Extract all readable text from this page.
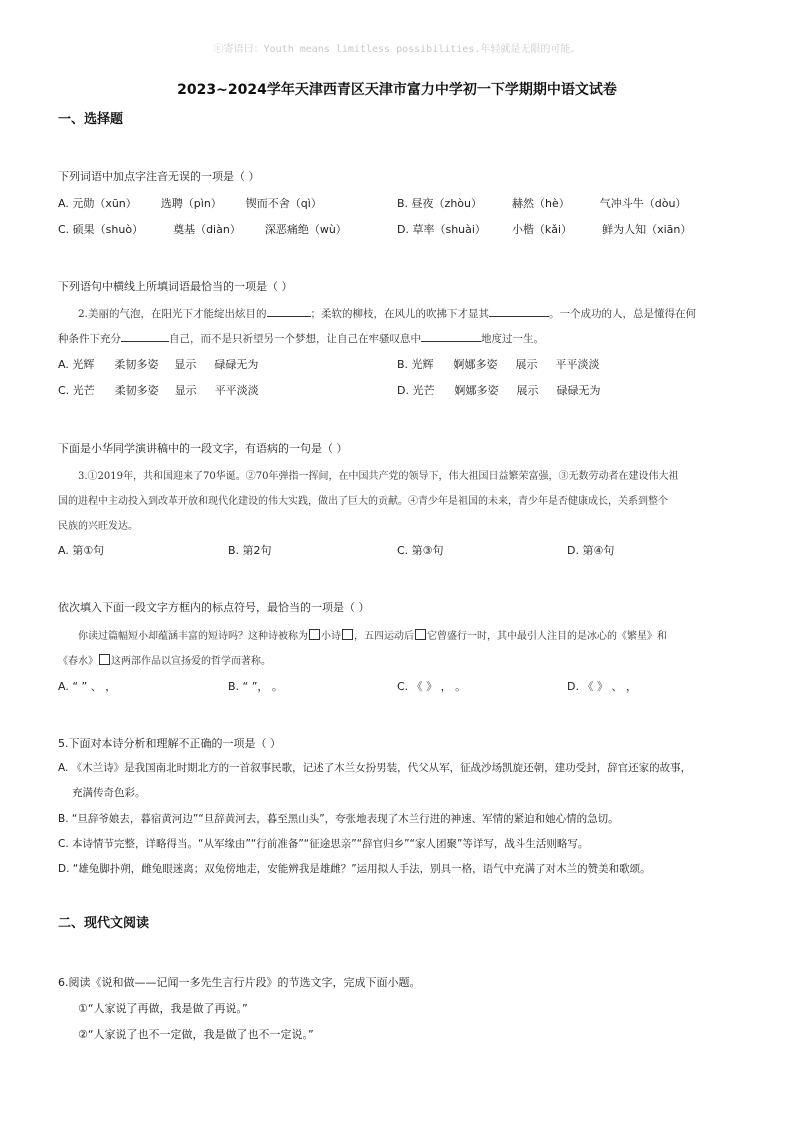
ⓒ寄语曰：Youth means limitless possibilities.年轻就是无限的可能。
2023~2024学年天津西青区天津市富力中学初一下学期期中语文试卷
一、选择题
下列词语中加点字注音无误的一项是（ ）
A. 元勋（xūn） 选聘（pìn） 锲而不舍（qì）	B. 昼夜（zhòu）	赫然（hè）	气冲斗牛（dòu）
C. 硕果（shuò）	奠基（diàn） 深恶痛绝（wù）	D. 草率（shuài） 小楷（kǎi）	鲜为人知（xiān）
下列语句中横线上所填词语最恰当的一项是（ ）
2.美丽的气泡，在阳光下才能绽出炫目的	；柔软的柳枝，在风儿的吹拂下才显其	。一个成功的人，总是懂得在何
种条件下充分	自己，而不是只祈望另一个梦想，让自己在牢骚叹息中	地度过一生。
A. 光辉 柔韧多姿 显示 碌碌无为	B. 光辉 婀娜多姿 展示 平平淡淡
C. 光芒 柔韧多姿 显示 平平淡淡	D. 光芒 婀娜多姿 展示 碌碌无为
下面是小华同学演讲稿中的一段文字，有语病的一句是（ ）
3.①2019年，共和国迎来了70华诞。②70年弹指一挥间，在中国共产党的领导下，伟大祖国日益繁荣富强，③无数劳动者在建设伟大祖
国的进程中主动投入到改革开放和现代化建设的伟大实践，做出了巨大的贡献。④青少年是祖国的未来，青少年是否健康成长，关系到整个
民族的兴旺发达。
A. 第①句	B. 第2句	C. 第③句	D. 第④句
依次填入下面一段文字方框内的标点符号，最恰当的一项是（ ）
你读过篇幅短小却蕴涵丰富的短诗吗？这种诗被称为 小诗 ，五四运动后 它曾盛行一时，其中最引人注目的是冰心的《繁星》和
《春水》 这两部作品以宣扬爱的哲学而著称。
A. “ ” 、 ，	B. “ ”， 。	C. 《 》 ， 。	D. 《 》 、 ，
5.下面对本诗分析和理解不正确的一项是（ ）
A. 《木兰诗》是我国南北时期北方的一首叙事民歌，记述了木兰女扮男装，代父从军，征战沙场凯旋还朝，建功受封，辞官还家的故事，
充满传奇色彩。
B. “旦辞爷娘去，暮宿黄河边”“旦辞黄河去，暮至黑山头”，夸张地表现了木兰行进的神速、军情的紧迫和她心情的急切。
C. 本诗情节完整，详略得当。“从军缘由”“行前准备”“征途思亲”“辞官归乡”“家人团聚”等详写，战斗生活则略写。
D. “雄兔脚扑朔，雌兔眼迷离；双兔傍地走，安能辨我是雄雌？”运用拟人手法，别具一格，语气中充满了对木兰的赞美和歌颂。
二、现代文阅读
6.阅读《说和做——记闻一多先生言行片段》的节选文字，完成下面小题。
①“人家说了再做，我是做了再说。”
②“人家说了也不一定做，我是做了也不一定说。”
